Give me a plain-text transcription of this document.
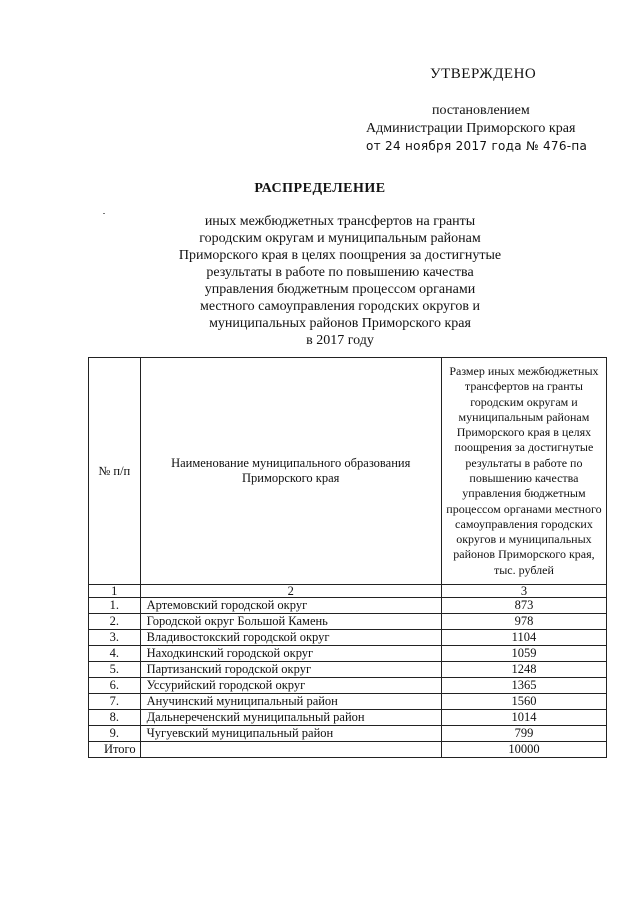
УТВЕРЖДЕНО
постановлением
Администрации Приморского края
от 24 ноября 2017 года № 476-па
РАСПРЕДЕЛЕНИЕ
иных межбюджетных трансфертов на гранты
городским округам и муниципальным районам
Приморского края в целях поощрения за достигнутые
результаты в работе по повышению качества
управления бюджетным процессом органами
местного самоуправления городских округов и
муниципальных районов Приморского края
в 2017 году
№ п/п	Наименование муниципального образования Приморского края	Размер иных межбюджетных трансфертов на гранты городским округам и муниципальным районам Приморского края в целях поощрения за достигнутые результаты в работе по повышению качества управления бюджетным процессом органами местного самоуправления городских округов и муниципальных районов Приморского края, тыс. рублей
1	2	3
1.	Артемовский городской округ	873
2.	Городской округ Большой Камень	978
3.	Владивостокский городской округ	1104
4.	Находкинский городской округ	1059
5.	Партизанский городской округ	1248
6.	Уссурийский городской округ	1365
7.	Анучинский муниципальный район	1560
8.	Дальнереченский муниципальный район	1014
9.	Чугуевский муниципальный район	799
Итого		10000
